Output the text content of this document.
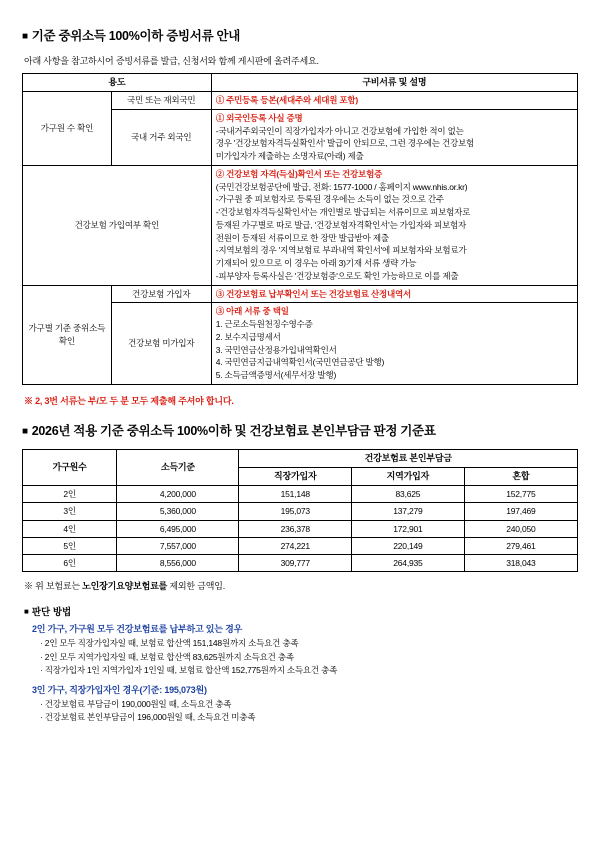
■ 기준 중위소득 100%이하 증빙서류 안내
아래 사항을 참고하시어 증빙서류를 발급, 신청서와 함께 게시판에 올려주세요.
용도		구비서류 및 설명
가구원 수 확인	국민 또는 재외국민	① 주민등록 등본(세대주와 세대원 포함)

	국내 거주 외국인	① 외국인등록 사실 증명
-국내거주외국인이 직장가입자가 아니고 건강보험에 가입한 적이 없는
경우 '건강보험자격득실확인서' 발급이 안되므로, 그런 경우에는 건강보험
미가입자가 제출하는 소명자료(아래) 제출

건강보험 가입여부 확인	
② 건강보험 자격(득실)확인서 또는 건강보험증
(국민건강보험공단에 발급, 전화: 1577-1000 / 홈페이지 www.nhis.or.kr)
-가구원 중 피보험자로 등록된 경우에는 소득이 없는 것으로 간주
-'건강보험자격득실확인서'는 개인별로 발급되는 서류이므로 피보험자로
등재된 가구별로 따로 발급, '건강보험자격확인서'는 가입자와 피보험자
전원이 등재된 서류이므로 한 장만 발급받아 제출
-지역보험의 경우 '지역보험료 부과내역 확인서'에 피보험자와 보험료가
기재되어 있으므로 이 경우는 아래 3)기재 서류 생략 가능
-피부양자 등록사실은 '건강보험증'으로도 확인 가능하므로 이를 제출

가구별 기준 중위소득 확인	건강보험 가입자	③ 건강보험료 납부확인서 또는 건강보험료 산정내역서

건강보험 미가입자	
③ 아래 서류 중 택일
1. 근로소득원천징수영수증
2. 보수지급명세서
3. 국민연금산정용가입내역확인서
4. 국민연금지급내역확인서(국민연금공단 발행)
5. 소득금액증명서(세무서장 발행)
※ 2, 3번 서류는 부/모 두 분 모두 제출해 주셔야 합니다.
■ 2026년 적용 기준 중위소득 100%이하 및 건강보험료 본인부담금 판정 기준표
가구원수	소득기준	건강보험료 본인부담금		
		직장가입자	지역가입자	혼합
2인	4,200,000	151,148	83,625	152,775
3인	5,360,000	195,073	137,279	197,469
4인	6,495,000	236,378	172,901	240,050
5인	7,557,000	274,221	220,149	279,461
6인	8,556,000	309,777	264,935	318,043
※ 위 보험료는 노인장기요양보험료를 제외한 금액임.
■ 판단 방법
2인 가구, 가구원 모두 건강보험료를 납부하고 있는 경우
· 2인 모두 직장가입자일 때, 보험료 합산액 151,148원까지 소득요건 충족
· 2인 모두 지역가입자일 때, 보험료 합산액 83,625원까지 소득요건 충족
· 직장가입자 1인 지역가입자 1인일 때, 보험료 합산액 152,775원까지 소득요건 충족
3인 가구, 직장가입자인 경우(기준: 195,073원)
· 건강보험료 부담금이 190,000원일 때, 소득요건 충족
· 건강보험료 본인부담금이 196,000원일 때, 소득요건 미충족
